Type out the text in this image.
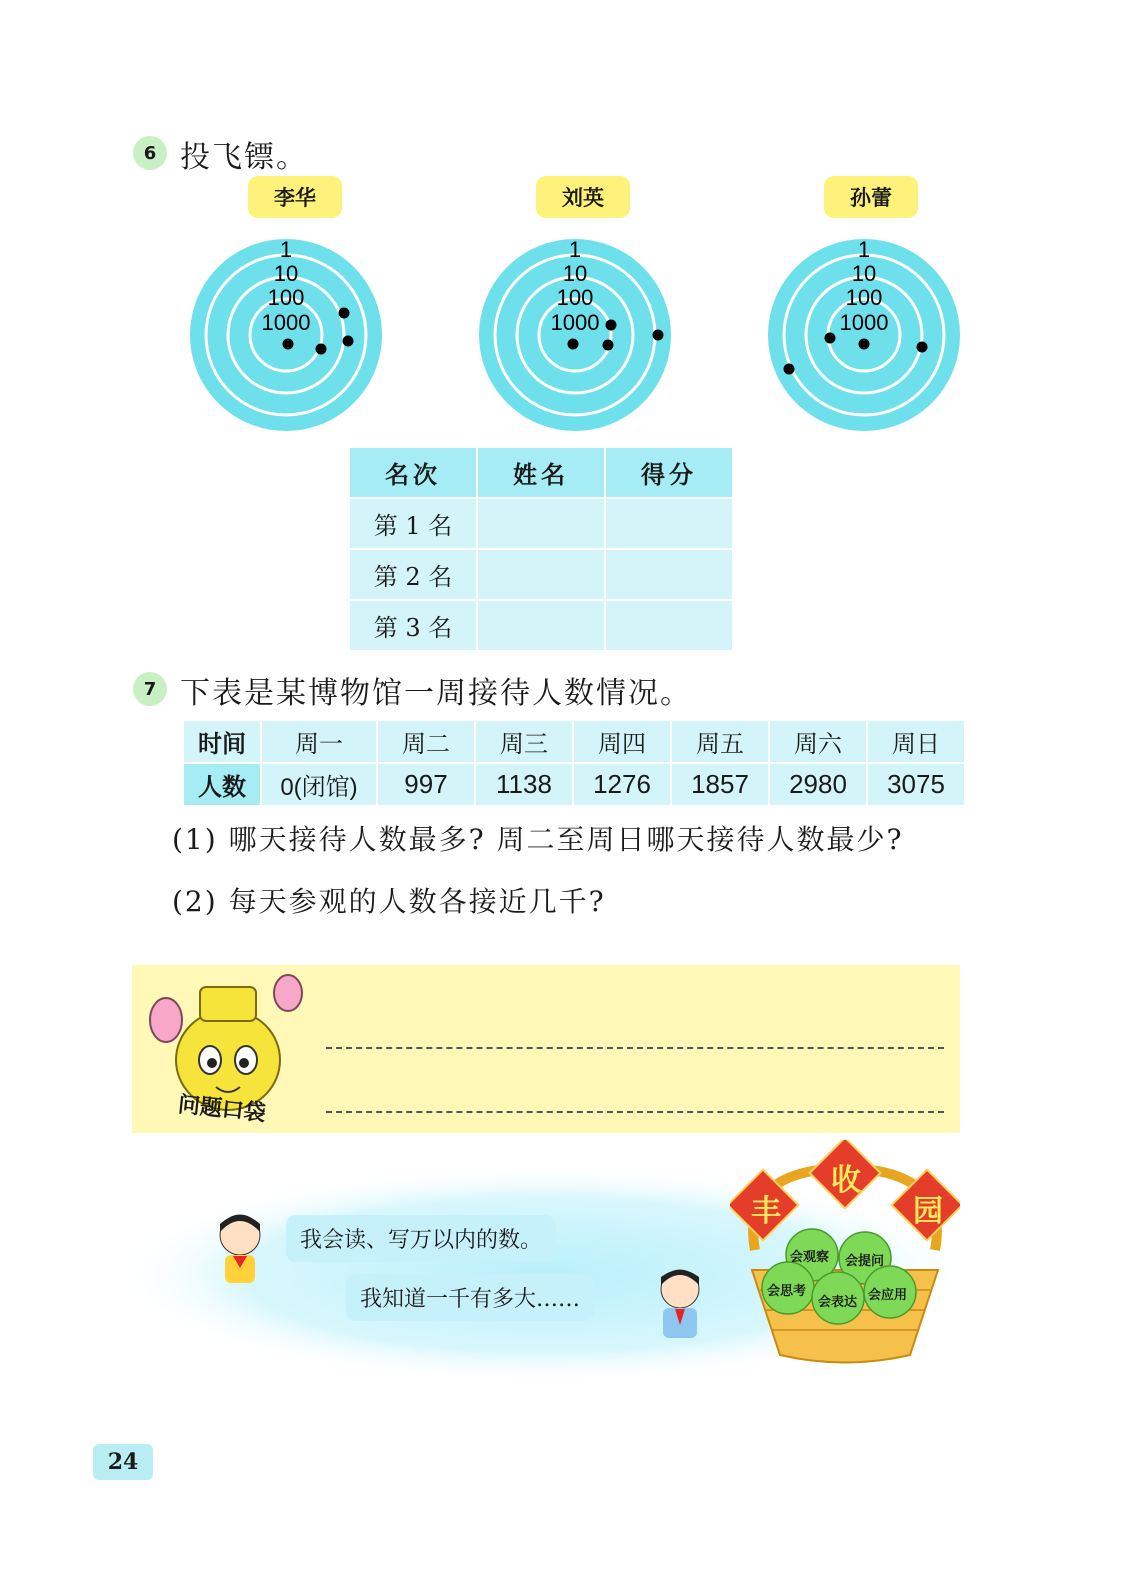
6 投飞镖。
李华	刘英	孙蕾
1
10
100
1000
1
10
100
1000
1
10
100
1000
名次	姓名	得分
第 1 名		
第 2 名		
第 3 名		
7 下表是某博物馆一周接待人数情况。
时间	周一	周二	周三	周四	周五	周六	周日
人数	0(闭馆)	997	1138	1276	1857	2980	3075
(1) 哪天接待人数最多? 周二至周日哪天接待人数最少?
(2) 每天参观的人数各接近几千?
问题口袋
我会读、写万以内的数。
我知道一千有多大……
丰
收
园
会观察 会提问
会思考
会表达 会应用
24
